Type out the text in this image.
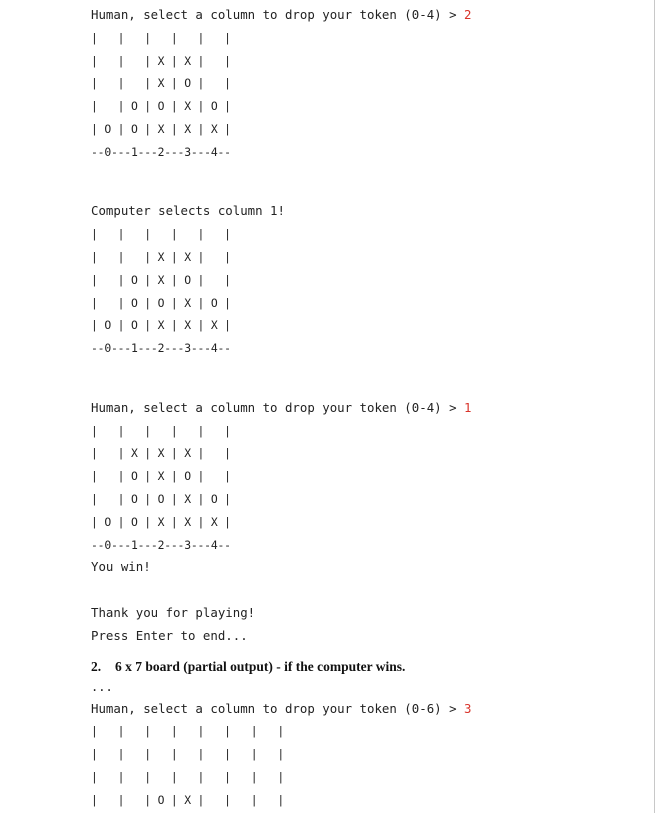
Human, select a column to drop your token (0-4) > 2
|   |   |   |   |   |
|   |   | X | X |   |
|   |   | X | O |   |
|   | O | O | X | O |
| O | O | X | X | X |
--0---1---2---3---4--
Computer selects column 1!
|   |   |   |   |   |
|   |   | X | X |   |
|   | O | X | O |   |
|   | O | O | X | O |
| O | O | X | X | X |
--0---1---2---3---4--
Human, select a column to drop your token (0-4) > 1
|   |   |   |   |   |
|   | X | X | X |   |
|   | O | X | O |   |
|   | O | O | X | O |
| O | O | X | X | X |
--0---1---2---3---4--
You win!
Thank you for playing!
Press Enter to end...
2. 6 x 7 board (partial output) - if the computer wins.
...
Human, select a column to drop your token (0-6) > 3
|   |   |   |   |   |   |   |
|   |   |   |   |   |   |   |
|   |   |   |   |   |   |   |
|   |   | O | X |   |   |   |
